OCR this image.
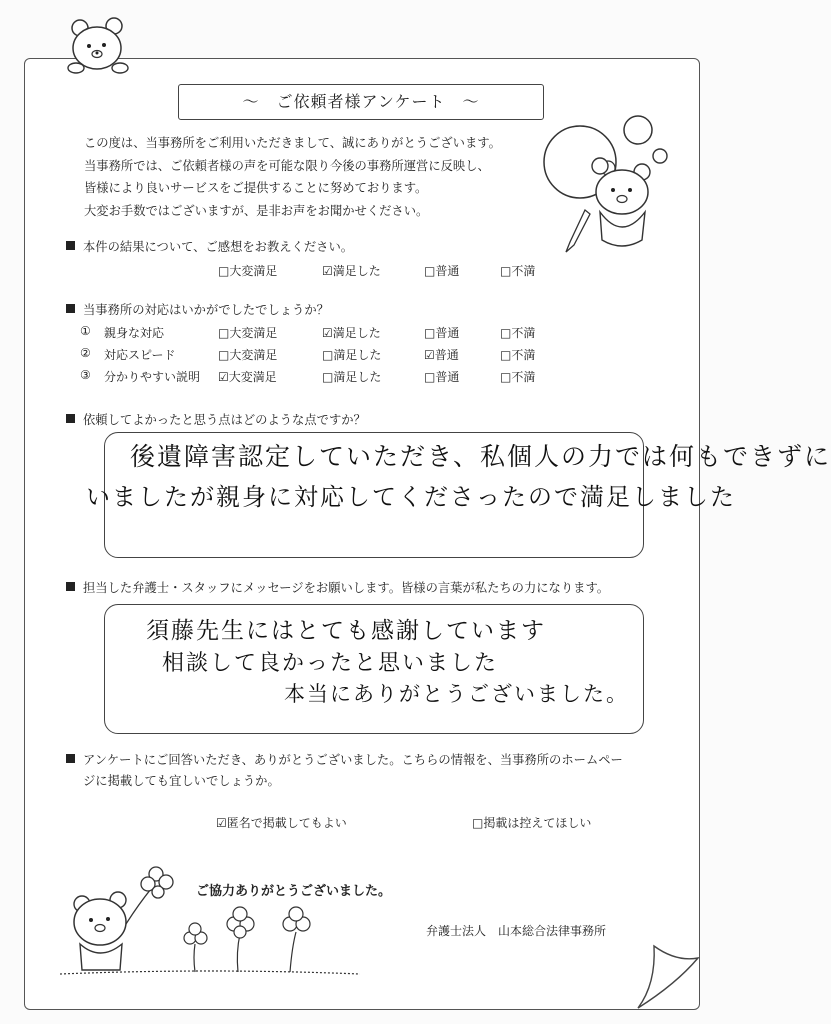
～　ご依頼者様アンケート　～
この度は、当事務所をご利用いただきまして、誠にありがとうございます。
当事務所では、ご依頼者様の声を可能な限り今後の事務所運営に反映し、
皆様により良いサービスをご提供することに努めております。
大変お手数ではございますが、是非お声をお聞かせください。
本件の結果について、ご感想をお教えください。
□大変満足	☑満足した	□普通	□不満
当事務所の対応はいかがでしたでしょうか？
① 親身な対応	□大変満足	☑満足した	□普通	□不満
② 対応スピード	□大変満足	□満足した	☑普通	□不満
③ 分かりやすい説明 ☑大変満足	□満足した	□普通	□不満
依頼してよかったと思う点はどのような点ですか？
後遺障害認定していただき、私個人の力では何もできずに
いましたが親身に対応してくださったので満足しました
担当した弁護士・スタッフにメッセージをお願いします。皆様の言葉が私たちの力になります。
須藤先生にはとても感謝しています
相談して良かったと思いました
本当にありがとうございました。
アンケートにご回答いただき、ありがとうございました。こちらの情報を、当事務所のホームペー
ジに掲載しても宜しいでしょうか。
☑匿名で掲載してもよい	□掲載は控えてほしい
ご協力ありがとうございました。
弁護士法人　山本総合法律事務所
